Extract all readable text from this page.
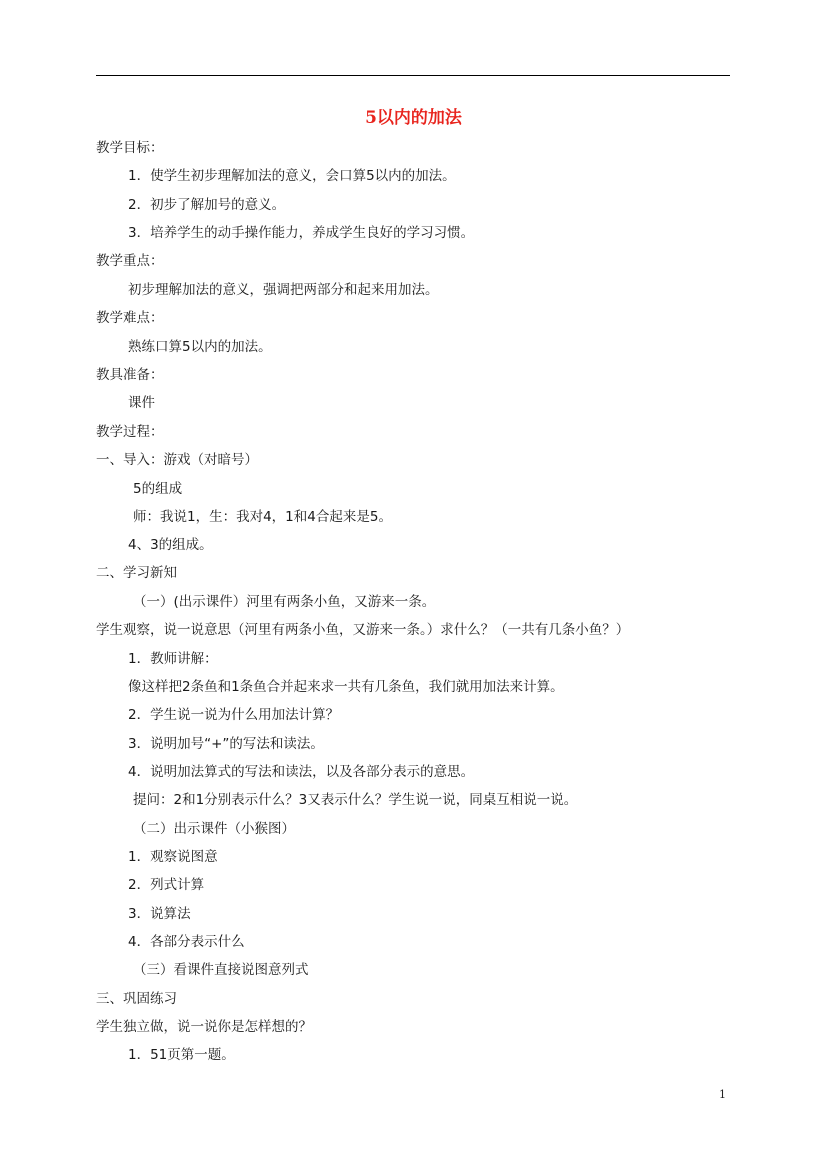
5以内的加法
教学目标：
1．使学生初步理解加法的意义，会口算5以内的加法。
2．初步了解加号的意义。
3．培养学生的动手操作能力，养成学生良好的学习习惯。
教学重点：
初步理解加法的意义，强调把两部分和起来用加法。
教学难点：
熟练口算5以内的加法。
教具准备：
课件
教学过程：
一、导入：游戏（对暗号）
5的组成
师：我说1，生：我对4，1和4合起来是5。
4、3的组成。
二、学习新知
（一）(出示课件）河里有两条小鱼，又游来一条。
学生观察，说一说意思（河里有两条小鱼，又游来一条。）求什么？（一共有几条小鱼？）
1．教师讲解：
像这样把2条鱼和1条鱼合并起来求一共有几条鱼，我们就用加法来计算。
2．学生说一说为什么用加法计算？
3．说明加号“+”的写法和读法。
4．说明加法算式的写法和读法，以及各部分表示的意思。
提问：2和1分别表示什么？3又表示什么？学生说一说，同桌互相说一说。
（二）出示课件（小猴图）
1．观察说图意
2．列式计算
3．说算法
4．各部分表示什么
（三）看课件直接说图意列式
三、巩固练习
学生独立做，说一说你是怎样想的？
1．51页第一题。
1
